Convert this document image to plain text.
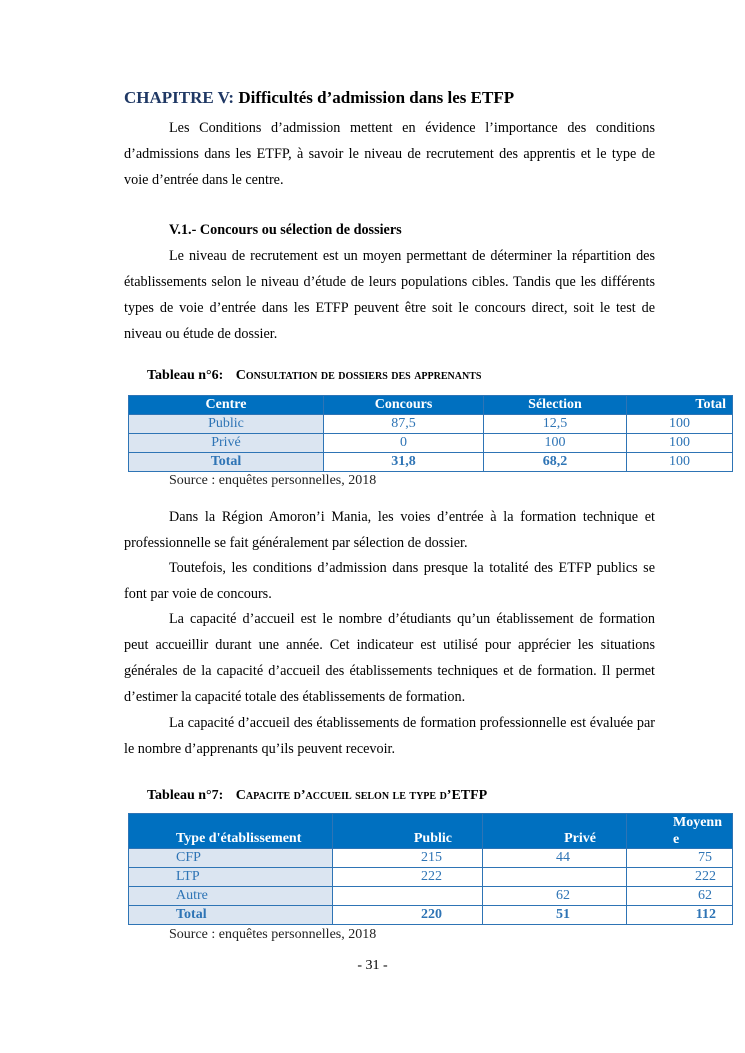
CHAPITRE V: Difficultés d’admission dans les ETFP

Les Conditions d’admission mettent en évidence l’importance des conditions d’admissions dans les ETFP, à savoir le niveau de recrutement des apprentis et le type de voie d’entrée dans le centre.

V.1.- Concours ou sélection de dossiers

Le niveau de recrutement est un moyen permettant de déterminer la répartition des établissements selon le niveau d’étude de leurs populations cibles. Tandis que les différents types de voie d’entrée dans les ETFP peuvent être soit le concours direct, soit le test de niveau ou étude de dossier.

Tableau n°6: Consultation de dossiers des apprenants
Centre	Concours	Sélection	Total
Public	87,5	12,5	100
Privé	0	100	100
Total	31,8	68,2	100
Source : enquêtes personnelles, 2018

Dans la Région Amoron’i Mania, les voies d’entrée à la formation technique et professionnelle se fait généralement par sélection de dossier.

Toutefois, les conditions d’admission dans presque la totalité des ETFP publics se font par voie de concours.

La capacité d’accueil est le nombre d’étudiants qu’un établissement de formation peut accueillir durant une année. Cet indicateur est utilisé pour apprécier les situations générales de la capacité d’accueil des établissements techniques et de formation. Il permet d’estimer la capacité totale des établissements de formation.

La capacité d’accueil des établissements de formation professionnelle est évaluée par le nombre d’apprenants qu’ils peuvent recevoir.

Tableau n°7: Capacite d’accueil selon le type d’ETFP
Type d'établissement	Public	Privé	Moyenne
CFP	215	44	75
LTP	222		222
Autre		62	62
Total	220	51	112
Source : enquêtes personnelles, 2018
- 31 -
